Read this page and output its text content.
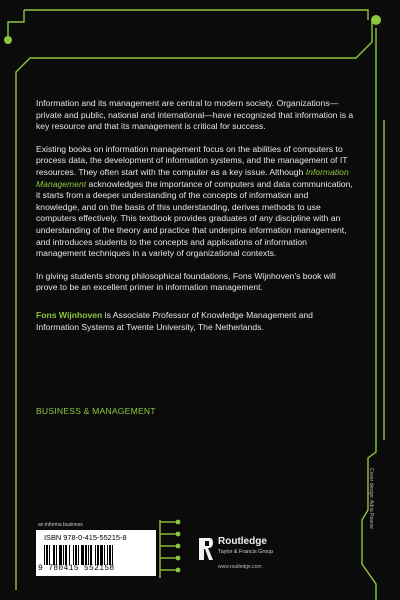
Information and its management are central to modern society. Organizations—private and public, national and international—have recognized that information is a key resource and that its management is critical for success.

Existing books on information management focus on the abilities of computers to process data, the development of information systems, and the management of IT resources. They often start with the computer as a key issue. Although Information Management acknowledges the importance of computers and data communication, it starts from a deeper understanding of the concepts of information and knowledge, and on the basis of this understanding, derives methods to use computers effectively. This textbook provides graduates of any discipline with an understanding of the theory and practice that underpins information management, and introduces students to the concepts and applications of information management techniques in a variety of organizational contexts.

In giving students strong philosophical foundations, Fons Wijnhoven's book will prove to be an excellent primer in information management.

Fons Wijnhoven is Associate Professor of Knowledge Management and Information Systems at Twente University, The Netherlands.

BUSINESS & MANAGEMENT
Cover design: Adria Pearse
an informa business
ISBN 978-0-415-55215-8
9 780415 552158
Routledge
Taylor & Francis Group
www.routledge.com
